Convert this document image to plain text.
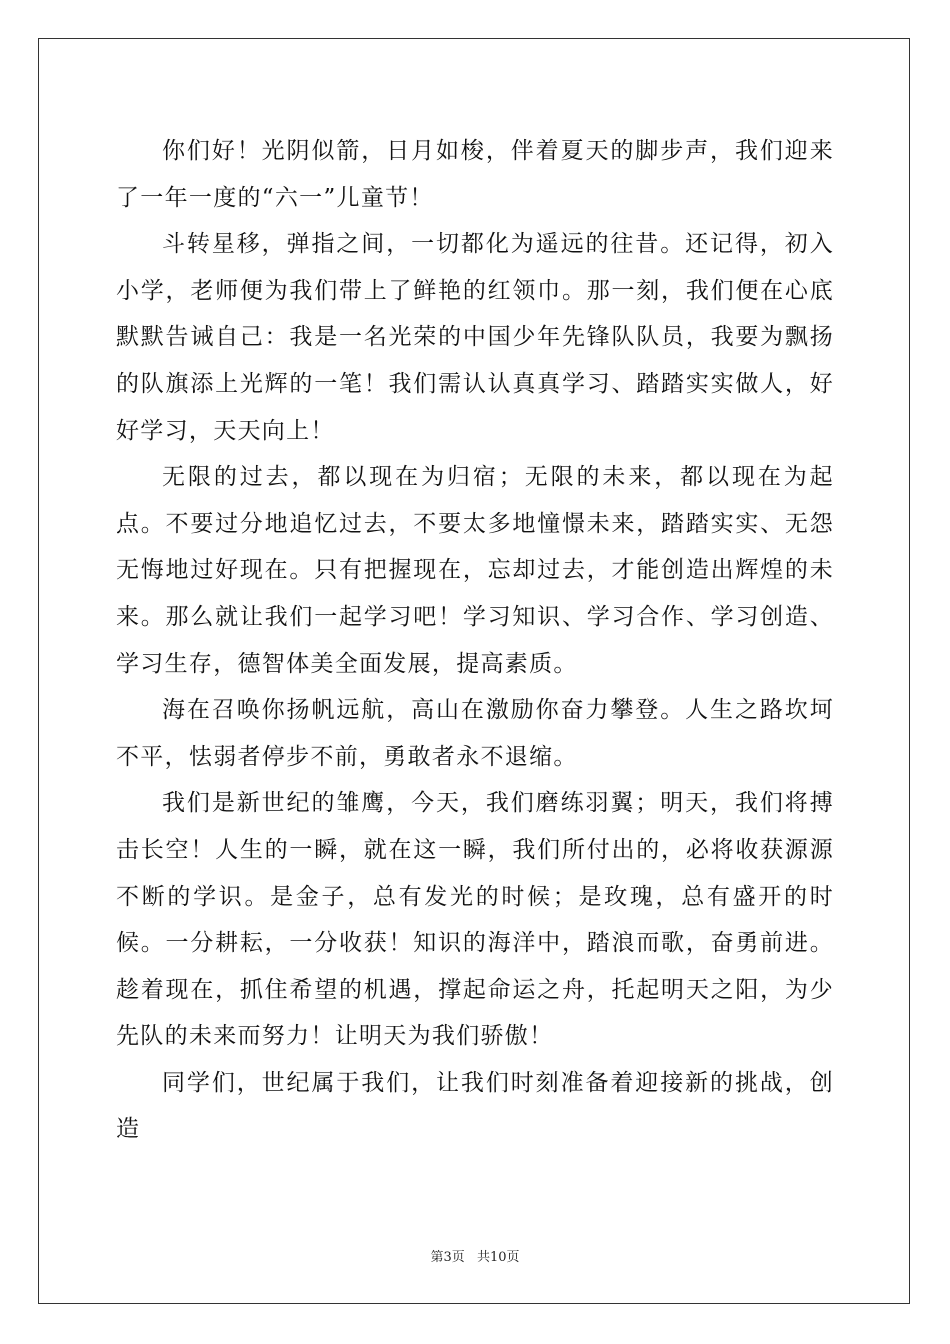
你们好！光阴似箭，日月如梭，伴着夏天的脚步声，我们迎来了一年一度的“六一”儿童节！

斗转星移，弹指之间，一切都化为遥远的往昔。还记得，初入小学，老师便为我们带上了鲜艳的红领巾。那一刻，我们便在心底默默告诫自己：我是一名光荣的中国少年先锋队队员，我要为飘扬的队旗添上光辉的一笔！我们需认认真真学习、踏踏实实做人，好好学习，天天向上！

无限的过去，都以现在为归宿；无限的未来，都以现在为起点。不要过分地追忆过去，不要太多地憧憬未来，踏踏实实、无怨无悔地过好现在。只有把握现在，忘却过去，才能创造出辉煌的未来。那么就让我们一起学习吧！学习知识、学习合作、学习创造、学习生存，德智体美全面发展，提高素质。

海在召唤你扬帆远航，高山在激励你奋力攀登。人生之路坎坷不平，怯弱者停步不前，勇敢者永不退缩。

我们是新世纪的雏鹰，今天，我们磨练羽翼；明天，我们将搏击长空！人生的一瞬，就在这一瞬，我们所付出的，必将收获源源不断的学识。是金子，总有发光的时候；是玫瑰，总有盛开的时候。一分耕耘，一分收获！知识的海洋中，踏浪而歌，奋勇前进。趁着现在，抓住希望的机遇，撑起命运之舟，托起明天之阳，为少先队的未来而努力！让明天为我们骄傲！

同学们，世纪属于我们，让我们时刻准备着迎接新的挑战，创造

第3页 共10页
